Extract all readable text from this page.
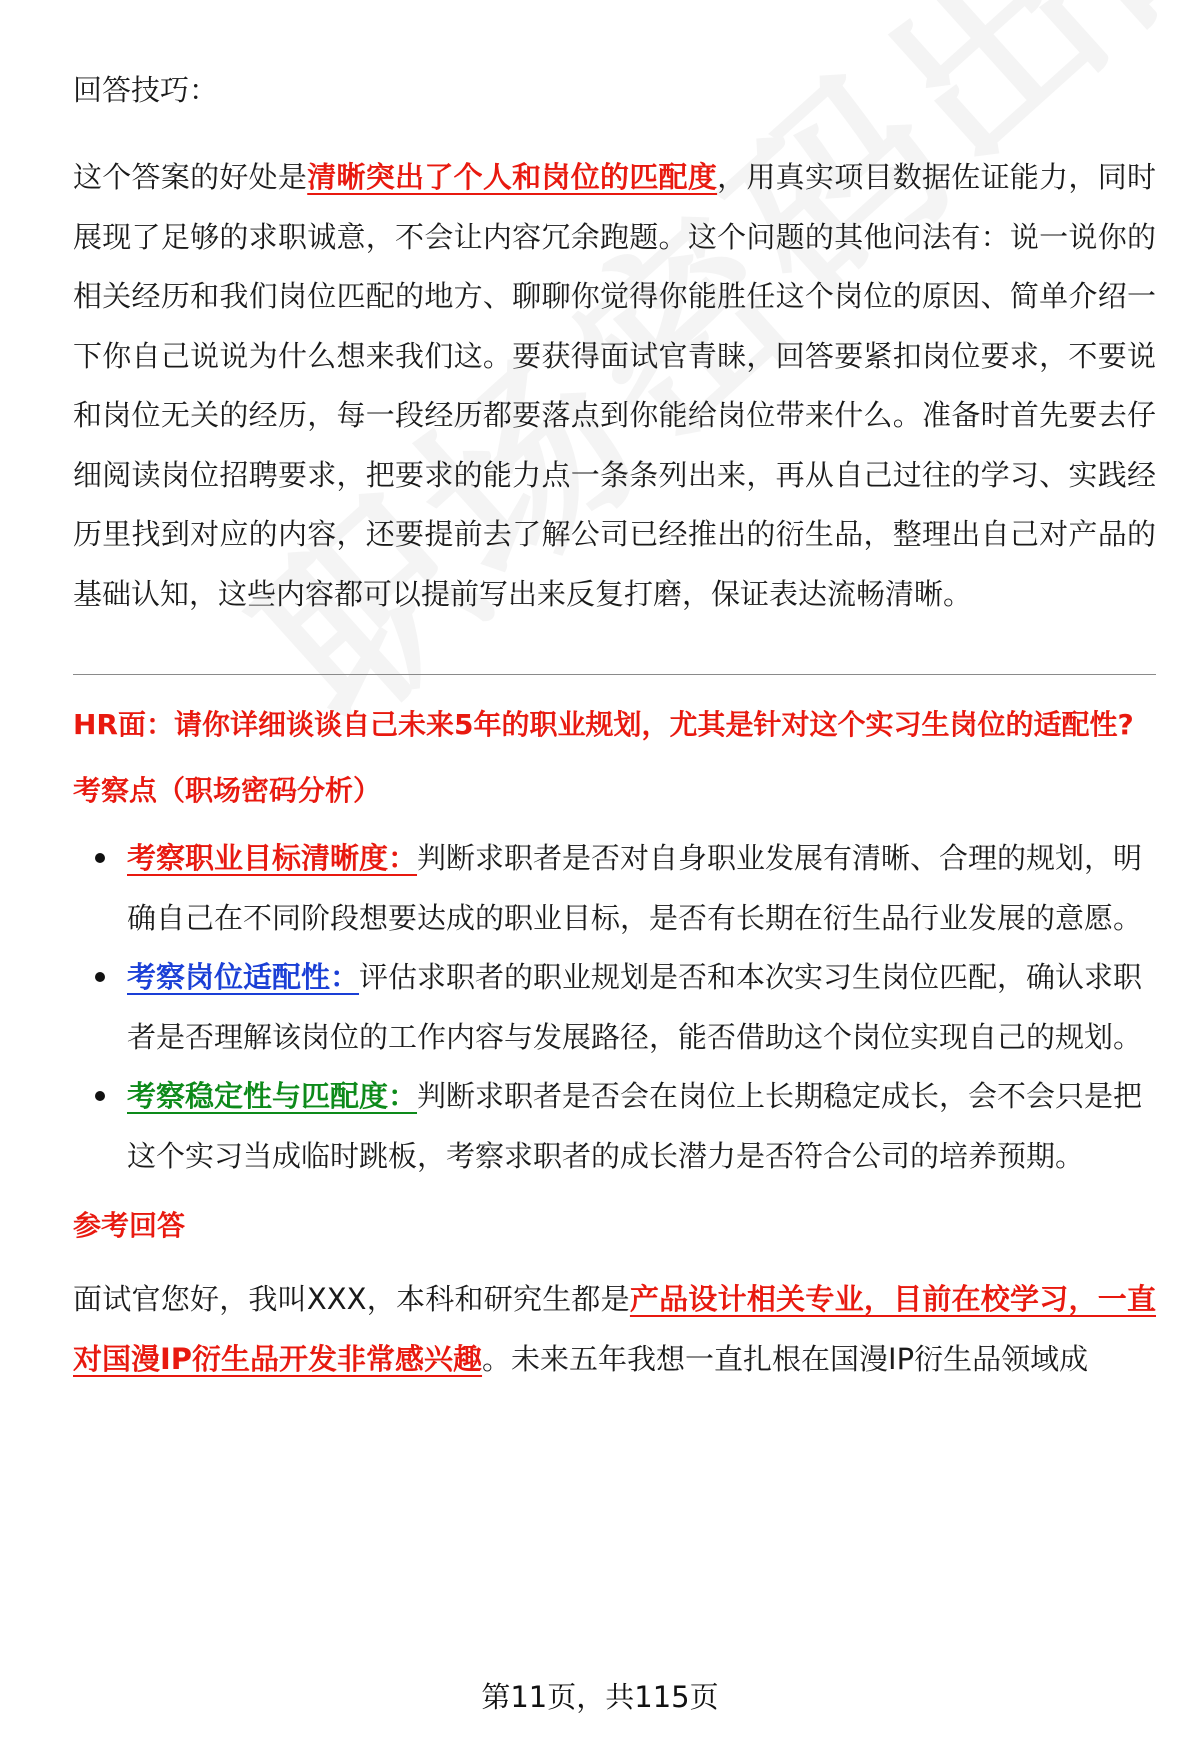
回答技巧：

这个答案的好处是清晰突出了个人和岗位的匹配度，用真实项目数据佐证能力，同时展现了足够的求职诚意，不会让内容冗余跑题。这个问题的其他问法有：说一说你的相关经历和我们岗位匹配的地方、聊聊你觉得你能胜任这个岗位的原因、简单介绍一下你自己说说为什么想来我们这。要获得面试官青睐，回答要紧扣岗位要求，不要说和岗位无关的经历，每一段经历都要落点到你能给岗位带来什么。准备时首先要去仔细阅读岗位招聘要求，把要求的能力点一条条列出来，再从自己过往的学习、实践经历里找到对应的内容，还要提前去了解公司已经推出的衍生品，整理出自己对产品的基础认知，这些内容都可以提前写出来反复打磨，保证表达流畅清晰。

HR面：请你详细谈谈自己未来5年的职业规划，尤其是针对这个实习生岗位的适配性?

考察点（职场密码分析）

考察职业目标清晰度：判断求职者是否对自身职业发展有清晰、合理的规划，明确自己在不同阶段想要达成的职业目标，是否有长期在衍生品行业发展的意愿。
考察岗位适配性：评估求职者的职业规划是否和本次实习生岗位匹配，确认求职者是否理解该岗位的工作内容与发展路径，能否借助这个岗位实现自己的规划。
考察稳定性与匹配度：判断求职者是否会在岗位上长期稳定成长，会不会只是把这个实习当成临时跳板，考察求职者的成长潜力是否符合公司的培养预期。

参考回答

面试官您好，我叫XXX，本科和研究生都是产品设计相关专业，目前在校学习，一直对国漫IP衍生品开发非常感兴趣。未来五年我想一直扎根在国漫IP衍生品领域成

第11页，共115页
